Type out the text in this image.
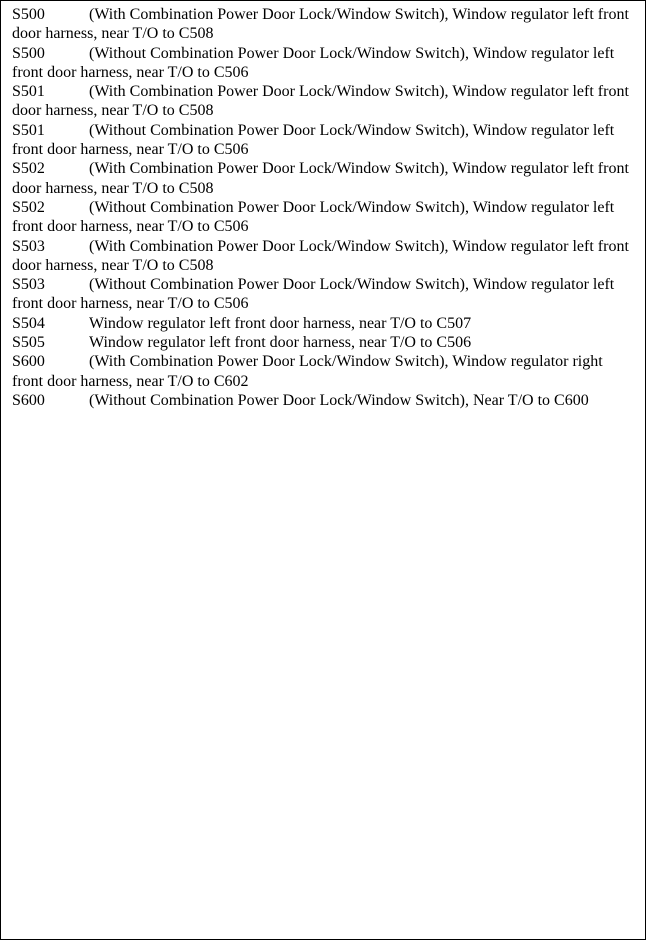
S500	(With Combination Power Door Lock/Window Switch), Window regulator left front door harness, near T/O to C508

S500	(Without Combination Power Door Lock/Window Switch), Window regulator left front door harness, near T/O to C506

S501	(With Combination Power Door Lock/Window Switch), Window regulator left front door harness, near T/O to C508

S501	(Without Combination Power Door Lock/Window Switch), Window regulator left front door harness, near T/O to C506

S502	(With Combination Power Door Lock/Window Switch), Window regulator left front door harness, near T/O to C508

S502	(Without Combination Power Door Lock/Window Switch), Window regulator left front door harness, near T/O to C506

S503	(With Combination Power Door Lock/Window Switch), Window regulator left front door harness, near T/O to C508

S503	(Without Combination Power Door Lock/Window Switch), Window regulator left front door harness, near T/O to C506

S504	Window regulator left front door harness, near T/O to C507

S505	Window regulator left front door harness, near T/O to C506

S600	(With Combination Power Door Lock/Window Switch), Window regulator right front door harness, near T/O to C602

S600	(Without Combination Power Door Lock/Window Switch), Near T/O to C600
